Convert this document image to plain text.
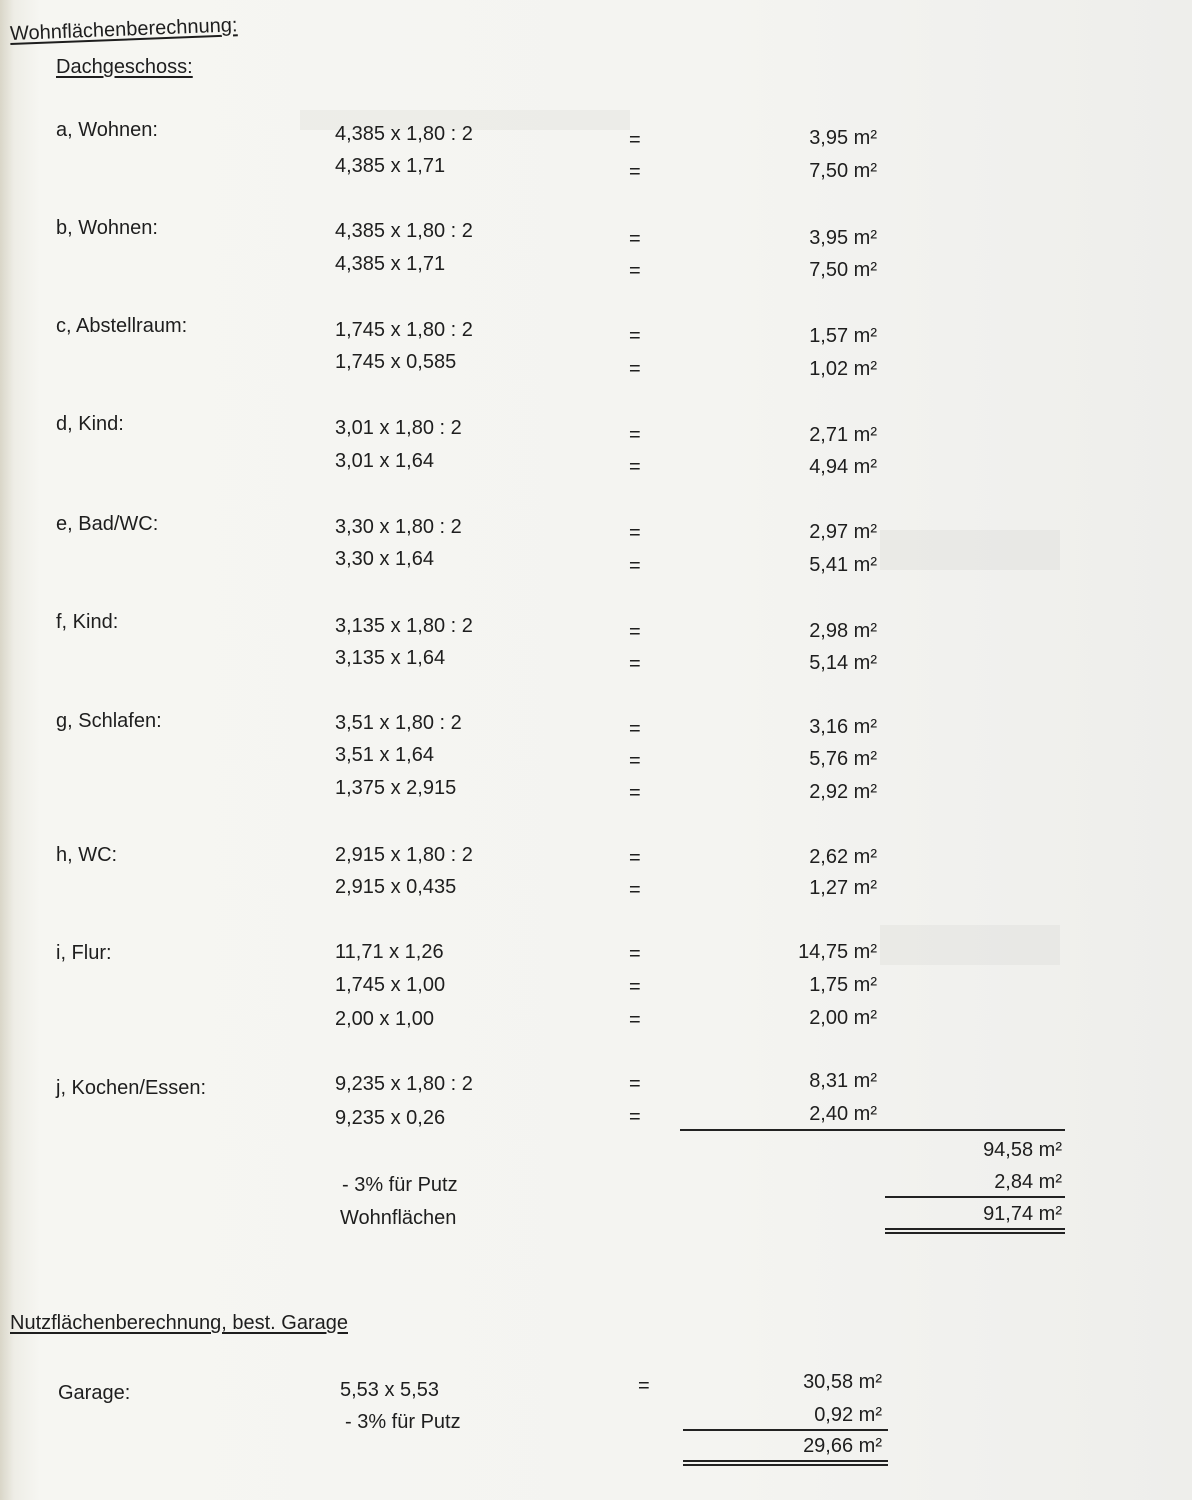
Wohnflächenberechnung:
Dachgeschoss:
a, Wohnen:	4,385 x 1,80 : 2	=	3,95 m²
4,385 x 1,71	=	7,50 m²
b, Wohnen:	4,385 x 1,80 : 2	=	3,95 m²
4,385 x 1,71	=	7,50 m²
c, Abstellraum:	1,745 x 1,80 : 2	=	1,57 m²
1,745 x 0,585	=	1,02 m²
d, Kind:	3,01 x 1,80 : 2	=	2,71 m²
3,01 x 1,64	=	4,94 m²
e, Bad/WC:	3,30 x 1,80 : 2	=	2,97 m²
3,30 x 1,64	=	5,41 m²
f, Kind:	3,135 x 1,80 : 2	=	2,98 m²
3,135 x 1,64	=	5,14 m²
g, Schlafen:	3,51 x 1,80 : 2	=	3,16 m²
3,51 x 1,64	=	5,76 m²
1,375 x 2,915	=	2,92 m²
h, WC:	2,915 x 1,80 : 2	=	2,62 m²
2,915 x 0,435	=	1,27 m²
i, Flur:	11,71 x 1,26	=	14,75 m²
1,745 x 1,00	=	1,75 m²
2,00 x 1,00	=	2,00 m²
j, Kochen/Essen:	9,235 x 1,80 : 2	=	8,31 m²
9,235 x 0,26	=	2,40 m²
94,58 m²
- 3% für Putz	2,84 m²
Wohnflächen	91,74 m²
Nutzflächenberechnung, best. Garage
Garage:	5,53 x 5,53	=	30,58 m²
- 3% für Putz	0,92 m²
29,66 m²
